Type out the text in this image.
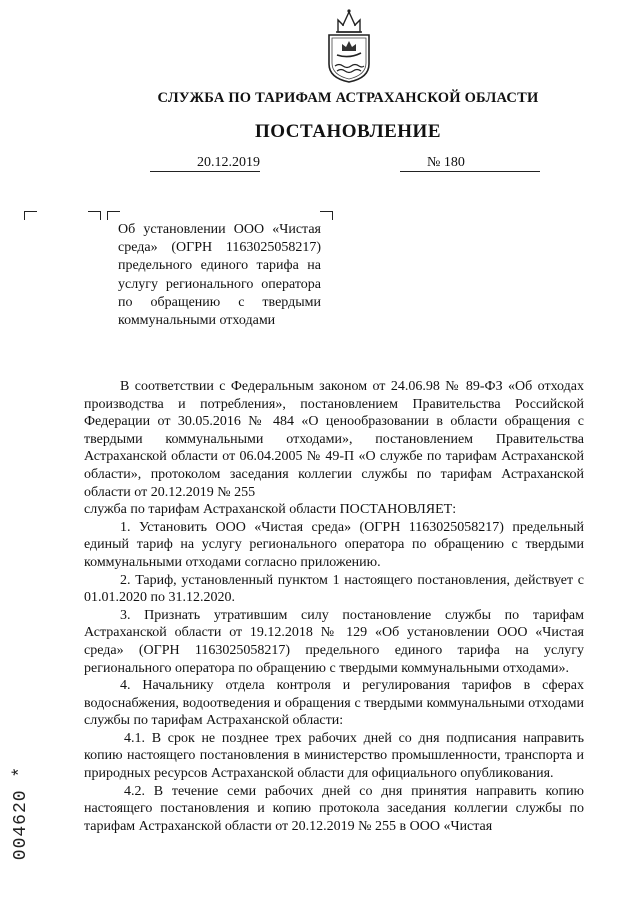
СЛУЖБА ПО ТАРИФАМ АСТРАХАНСКОЙ ОБЛАСТИ
ПОСТАНОВЛЕНИЕ
20.12.2019	№ 180

Об установлении ООО «Чистая среда» (ОГРН 1163025058217) предельного единого тарифа на услугу регионального оператора по обращению с твердыми коммунальными отходами

В соответствии с Федеральным законом от 24.06.98 № 89-ФЗ «Об отходах производства и потребления», постановлением Правительства Российской Федерации от 30.05.2016 № 484 «О ценообразовании в области обращения с твердыми коммунальными отходами», постановлением Правительства Астраханской области от 06.04.2005 № 49-П «О службе по тарифам Астраханской области», протоколом заседания коллегии службы по тарифам Астраханской области от 20.12.2019 № 255

служба по тарифам Астраханской области ПОСТАНОВЛЯЕТ:

1. Установить ООО «Чистая среда» (ОГРН 1163025058217) предельный единый тариф на услугу регионального оператора по обращению с твердыми коммунальными отходами согласно приложению.

2. Тариф, установленный пунктом 1 настоящего постановления, действует с 01.01.2020 по 31.12.2020.

3. Признать утратившим силу постановление службы по тарифам Астраханской области от 19.12.2018 № 129 «Об установлении ООО «Чистая среда» (ОГРН 1163025058217) предельного единого тарифа на услугу регионального оператора по обращению с твердыми коммунальными отходами».

4. Начальнику отдела контроля и регулирования тарифов в сферах водоснабжения, водоотведения и обращения с твердыми коммунальными отходами службы по тарифам Астраханской области:

4.1. В срок не позднее трех рабочих дней со дня подписания направить копию настоящего постановления в министерство промышленности, транспорта и природных ресурсов Астраханской области для официального опубликования.

4.2. В течение семи рабочих дней со дня принятия направить копию настоящего постановления и копию протокола заседания коллегии службы по тарифам Астраханской области от 20.12.2019 № 255 в ООО «Чистая

004620 *
